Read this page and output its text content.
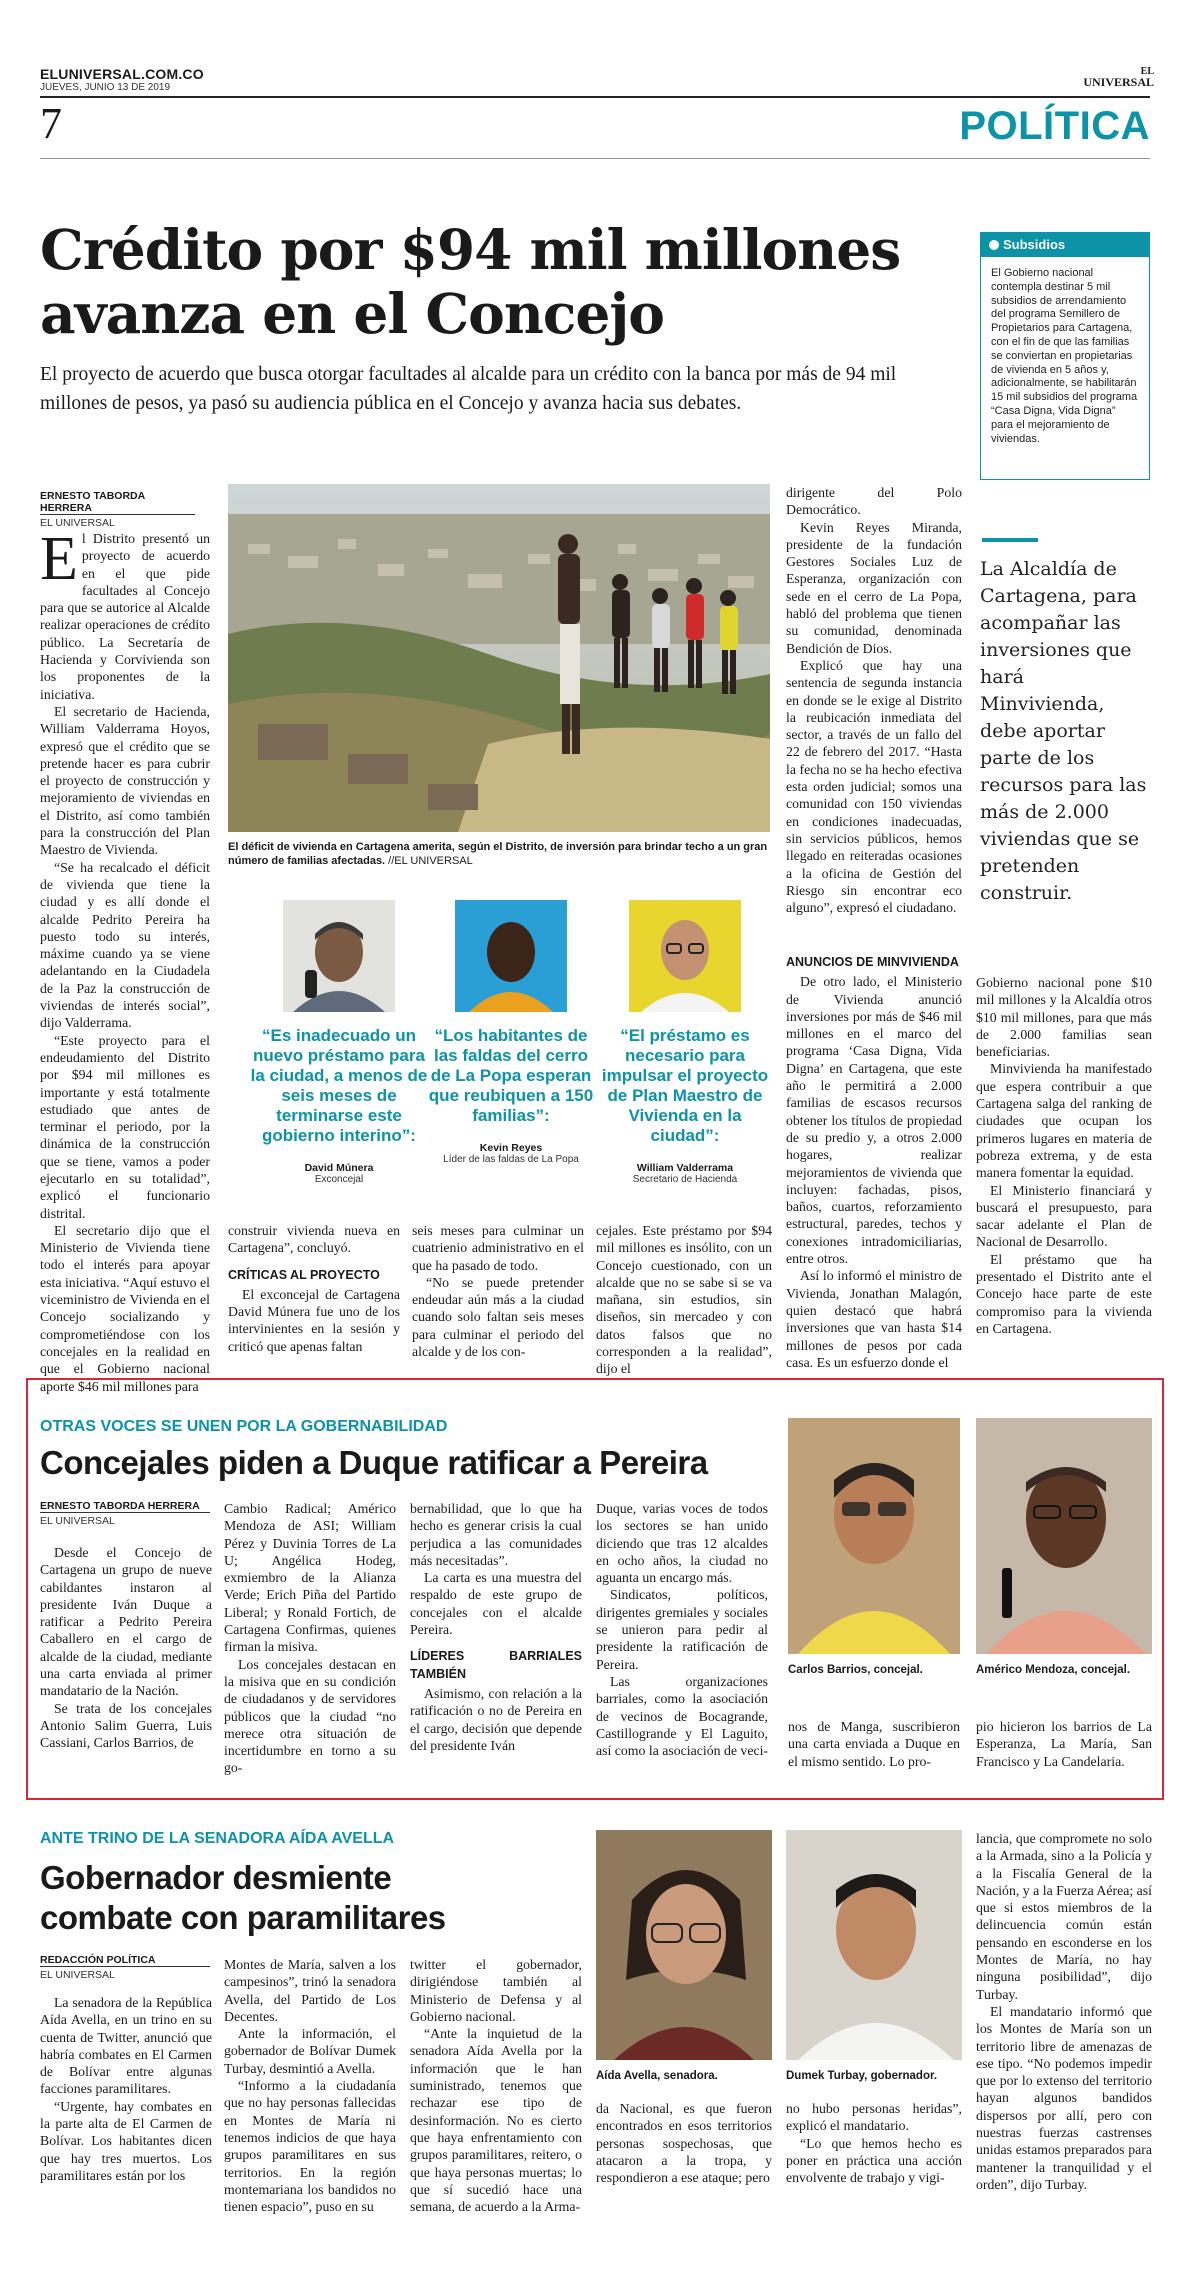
ELUNIVERSAL.COM.CO
JUEVES, JUNIO 13 DE 2019
EL
UNIVERSAL
7	POLÍTICA
Crédito por $94 mil millones
avanza en el Concejo
El proyecto de acuerdo que busca otorgar facultades al alcalde para un crédito con la banca por más de 94 mil millones de pesos, ya pasó su audiencia pública en el Concejo y avanza hacia sus debates.
Subsidios
El Gobierno nacional contempla destinar 5 mil subsidios de arrendamiento del programa Semillero de Propietarios para Cartagena, con el fin de que las familias se conviertan en propietarias de vivienda en 5 años y, adicionalmente, se habilitarán 15 mil subsidios del programa “Casa Digna, Vida Digna” para el mejoramiento de viviendas.
La Alcaldía de Cartagena, para acompañar las inversiones que hará Minvivienda, debe aportar parte de los recursos para las más de 2.000 viviendas que se pretenden construir.
ERNESTO TABORDA HERRERA
EL UNIVERSAL

El Distrito presentó un proyecto de acuerdo en el que pide facultades al Concejo para que se autorice al Alcalde realizar operaciones de crédito público. La Secretaría de Hacienda y Corvivienda son los proponentes de la iniciativa.

El secretario de Hacienda, William Valderrama Hoyos, expresó que el crédito que se pretende hacer es para cubrir el proyecto de construcción y mejoramiento de viviendas en el Distrito, así como también para la construcción del Plan Maestro de Vivienda.

“Se ha recalcado el déficit de vivienda que tiene la ciudad y es allí donde el alcalde Pedrito Pereira ha puesto todo su interés, máxime cuando ya se viene adelantando en la Ciudadela de la Paz la construcción de viviendas de interés social”, dijo Valderrama.

“Este proyecto para el endeudamiento del Distrito por $94 mil millones es importante y está totalmente estudiado que antes de terminar el periodo, por la dinámica de la construcción que se tiene, vamos a poder ejecutarlo en su totalidad”, explicó el funcionario distrital.

El secretario dijo que el Ministerio de Vivienda tiene todo el interés para apoyar esta iniciativa. “Aquí estuvo el viceministro de Vivienda en el Concejo socializando y comprometiéndose con los concejales en la realidad en que el Gobierno nacional aporte $46 mil millones para

El déficit de vivienda en Cartagena amerita, según el Distrito, de inversión para brindar techo a un gran número de familias afectadas. //EL UNIVERSAL
“Es inadecuado un nuevo préstamo para la ciudad, a menos de seis meses de terminarse este gobierno interino”:
David Múnera
Exconcejal
“Los habitantes de las faldas del cerro de La Popa esperan que reubiquen a 150 familias”:
Kevin Reyes
Líder de las faldas de La Popa
“El préstamo es necesario para impulsar el proyecto de Plan Maestro de Vivienda en la ciudad”:
William Valderrama
Secretario de Hacienda

construir vivienda nueva en Cartagena”, concluyó.

CRÍTICAS AL PROYECTO

El exconcejal de Cartagena David Múnera fue uno de los intervinientes en la sesión y criticó que apenas faltan

seis meses para culminar un cuatrienio administrativo en el que ha pasado de todo.

“No se puede pretender endeudar aún más a la ciudad cuando solo faltan seis meses para culminar el periodo del alcalde y de los con-

cejales. Este préstamo por $94 mil millones es insólito, con un Concejo cuestionado, con un alcalde que no se sabe si se va mañana, sin estudios, sin diseños, sin mercadeo y con datos falsos que no corresponden a la realidad”, dijo el

dirigente del Polo Democrático.

Kevin Reyes Miranda, presidente de la fundación Gestores Sociales Luz de Esperanza, organización con sede en el cerro de La Popa, habló del problema que tienen su comunidad, denominada Bendición de Dios.

Explicó que hay una sentencia de segunda instancia en donde se le exige al Distrito la reubicación inmediata del sector, a través de un fallo del 22 de febrero del 2017. “Hasta la fecha no se ha hecho efectiva esta orden judicial; somos una comunidad con 150 viviendas en condiciones inadecuadas, sin servicios públicos, hemos llegado en reiteradas ocasiones a la oficina de Gestión del Riesgo sin encontrar eco alguno”, expresó el ciudadano.

ANUNCIOS DE MINVIVIENDA

De otro lado, el Ministerio de Vivienda anunció inversiones por más de $46 mil millones en el marco del programa ‘Casa Digna, Vida Digna’ en Cartagena, que este año le permitirá a 2.000 familias de escasos recursos obtener los títulos de propiedad de su predio y, a otros 2.000 hogares, realizar mejoramientos de vivienda que incluyen: fachadas, pisos, baños, cuartos, reforzamiento estructural, paredes, techos y conexiones intradomiciliarias, entre otros.

Así lo informó el ministro de Vivienda, Jonathan Malagón, quien destacó que habrá inversiones que van hasta $14 millones de pesos por cada casa. Es un esfuerzo donde el

Gobierno nacional pone $10 mil millones y la Alcaldía otros $10 mil millones, para que más de 2.000 familias sean beneficiarias.

Minvivienda ha manifestado que espera contribuir a que Cartagena salga del ranking de ciudades que ocupan los primeros lugares en materia de pobreza extrema, y de esta manera fomentar la equidad.

El Ministerio financiará y buscará el presupuesto, para sacar adelante el Plan de Nacional de Desarrollo.

El préstamo que ha presentado el Distrito ante el Concejo hace parte de este compromiso para la vivienda en Cartagena.

OTRAS VOCES SE UNEN POR LA GOBERNABILIDAD
Concejales piden a Duque ratificar a Pereira
ERNESTO TABORDA HERRERA
EL UNIVERSAL

Desde el Concejo de Cartagena un grupo de nueve cabildantes instaron al presidente Iván Duque a ratificar a Pedrito Pereira Caballero en el cargo de alcalde de la ciudad, mediante una carta enviada al primer mandatario de la Nación.

Se trata de los concejales Antonio Salim Guerra, Luis Cassiani, Carlos Barrios, de

Cambio Radical; Américo Mendoza de ASI; William Pérez y Duvinia Torres de La U; Angélica Hodeg, exmiembro de la Alianza Verde; Erich Piña del Partido Liberal; y Ronald Fortich, de Cartagena Confirmas, quienes firman la misiva.

Los concejales destacan en la misiva que en su condición de ciudadanos y de servidores públicos que la ciudad “no merece otra situación de incertidumbre en torno a su go-

bernabilidad, que lo que ha hecho es generar crisis la cual perjudica a las comunidades más necesitadas”.

La carta es una muestra del respaldo de este grupo de concejales con el alcalde Pereira.

LÍDERES BARRIALES TAMBIÉN

Asimismo, con relación a la ratificación o no de Pereira en el cargo, decisión que depende del presidente Iván

Duque, varias voces de todos los sectores se han unido diciendo que tras 12 alcaldes en ocho años, la ciudad no aguanta un encargo más.

Sindicatos, políticos, dirigentes gremiales y sociales se unieron para pedir al presidente la ratificación de Pereira.

Las organizaciones barriales, como la asociación de vecinos de Bocagrande, Castillogrande y El Laguito, así como la asociación de veci-

Carlos Barrios, concejal.	Américo Mendoza, concejal.

nos de Manga, suscribieron una carta enviada a Duque en el mismo sentido. Lo pro-

pio hicieron los barrios de La Esperanza, La María, San Francisco y La Candelaria.

ANTE TRINO DE LA SENADORA AÍDA AVELLA
Gobernador desmiente
combate con paramilitares
REDACCIÓN POLÍTICA
EL UNIVERSAL

La senadora de la República Aída Avella, en un trino en su cuenta de Twitter, anunció que habría combates en El Carmen de Bolívar entre algunas facciones paramilitares.

“Urgente, hay combates en la parte alta de El Carmen de Bolívar. Los habitantes dicen que hay tres muertos. Los paramilitares están por los

Montes de María, salven a los campesinos”, trinó la senadora Avella, del Partido de Los Decentes.

Ante la información, el gobernador de Bolívar Dumek Turbay, desmintió a Avella.

“Informo a la ciudadanía que no hay personas fallecidas en Montes de María ni tenemos indicios de que haya grupos paramilitares en sus territorios. En la región montemariana los bandidos no tienen espacio”, puso en su

twitter el gobernador, dirigiéndose también al Ministerio de Defensa y al Gobierno nacional.

“Ante la inquietud de la senadora Aída Avella por la información que le han suministrado, tenemos que rechazar ese tipo de desinformación. No es cierto que haya enfrentamiento con grupos paramilitares, reitero, o que haya personas muertas; lo que sí sucedió hace una semana, de acuerdo a la Arma-

Aída Avella, senadora.	Dumek Turbay, gobernador.

da Nacional, es que fueron encontrados en esos territorios personas sospechosas, que atacaron a la tropa, y respondieron a ese ataque; pero

no hubo personas heridas”, explicó el mandatario.

“Lo que hemos hecho es poner en práctica una acción envolvente de trabajo y vigi-

lancia, que compromete no solo a la Armada, sino a la Policía y a la Fiscalía General de la Nación, y a la Fuerza Aérea; así que si estos miembros de la delincuencia común están pensando en esconderse en los Montes de María, no hay ninguna posibilidad”, dijo Turbay.

El mandatario informó que los Montes de María son un territorio libre de amenazas de ese tipo. “No podemos impedir que por lo extenso del territorio hayan algunos bandidos dispersos por allí, pero con nuestras fuerzas castrenses unidas estamos preparados para mantener la tranquilidad y el orden”, dijo Turbay.
